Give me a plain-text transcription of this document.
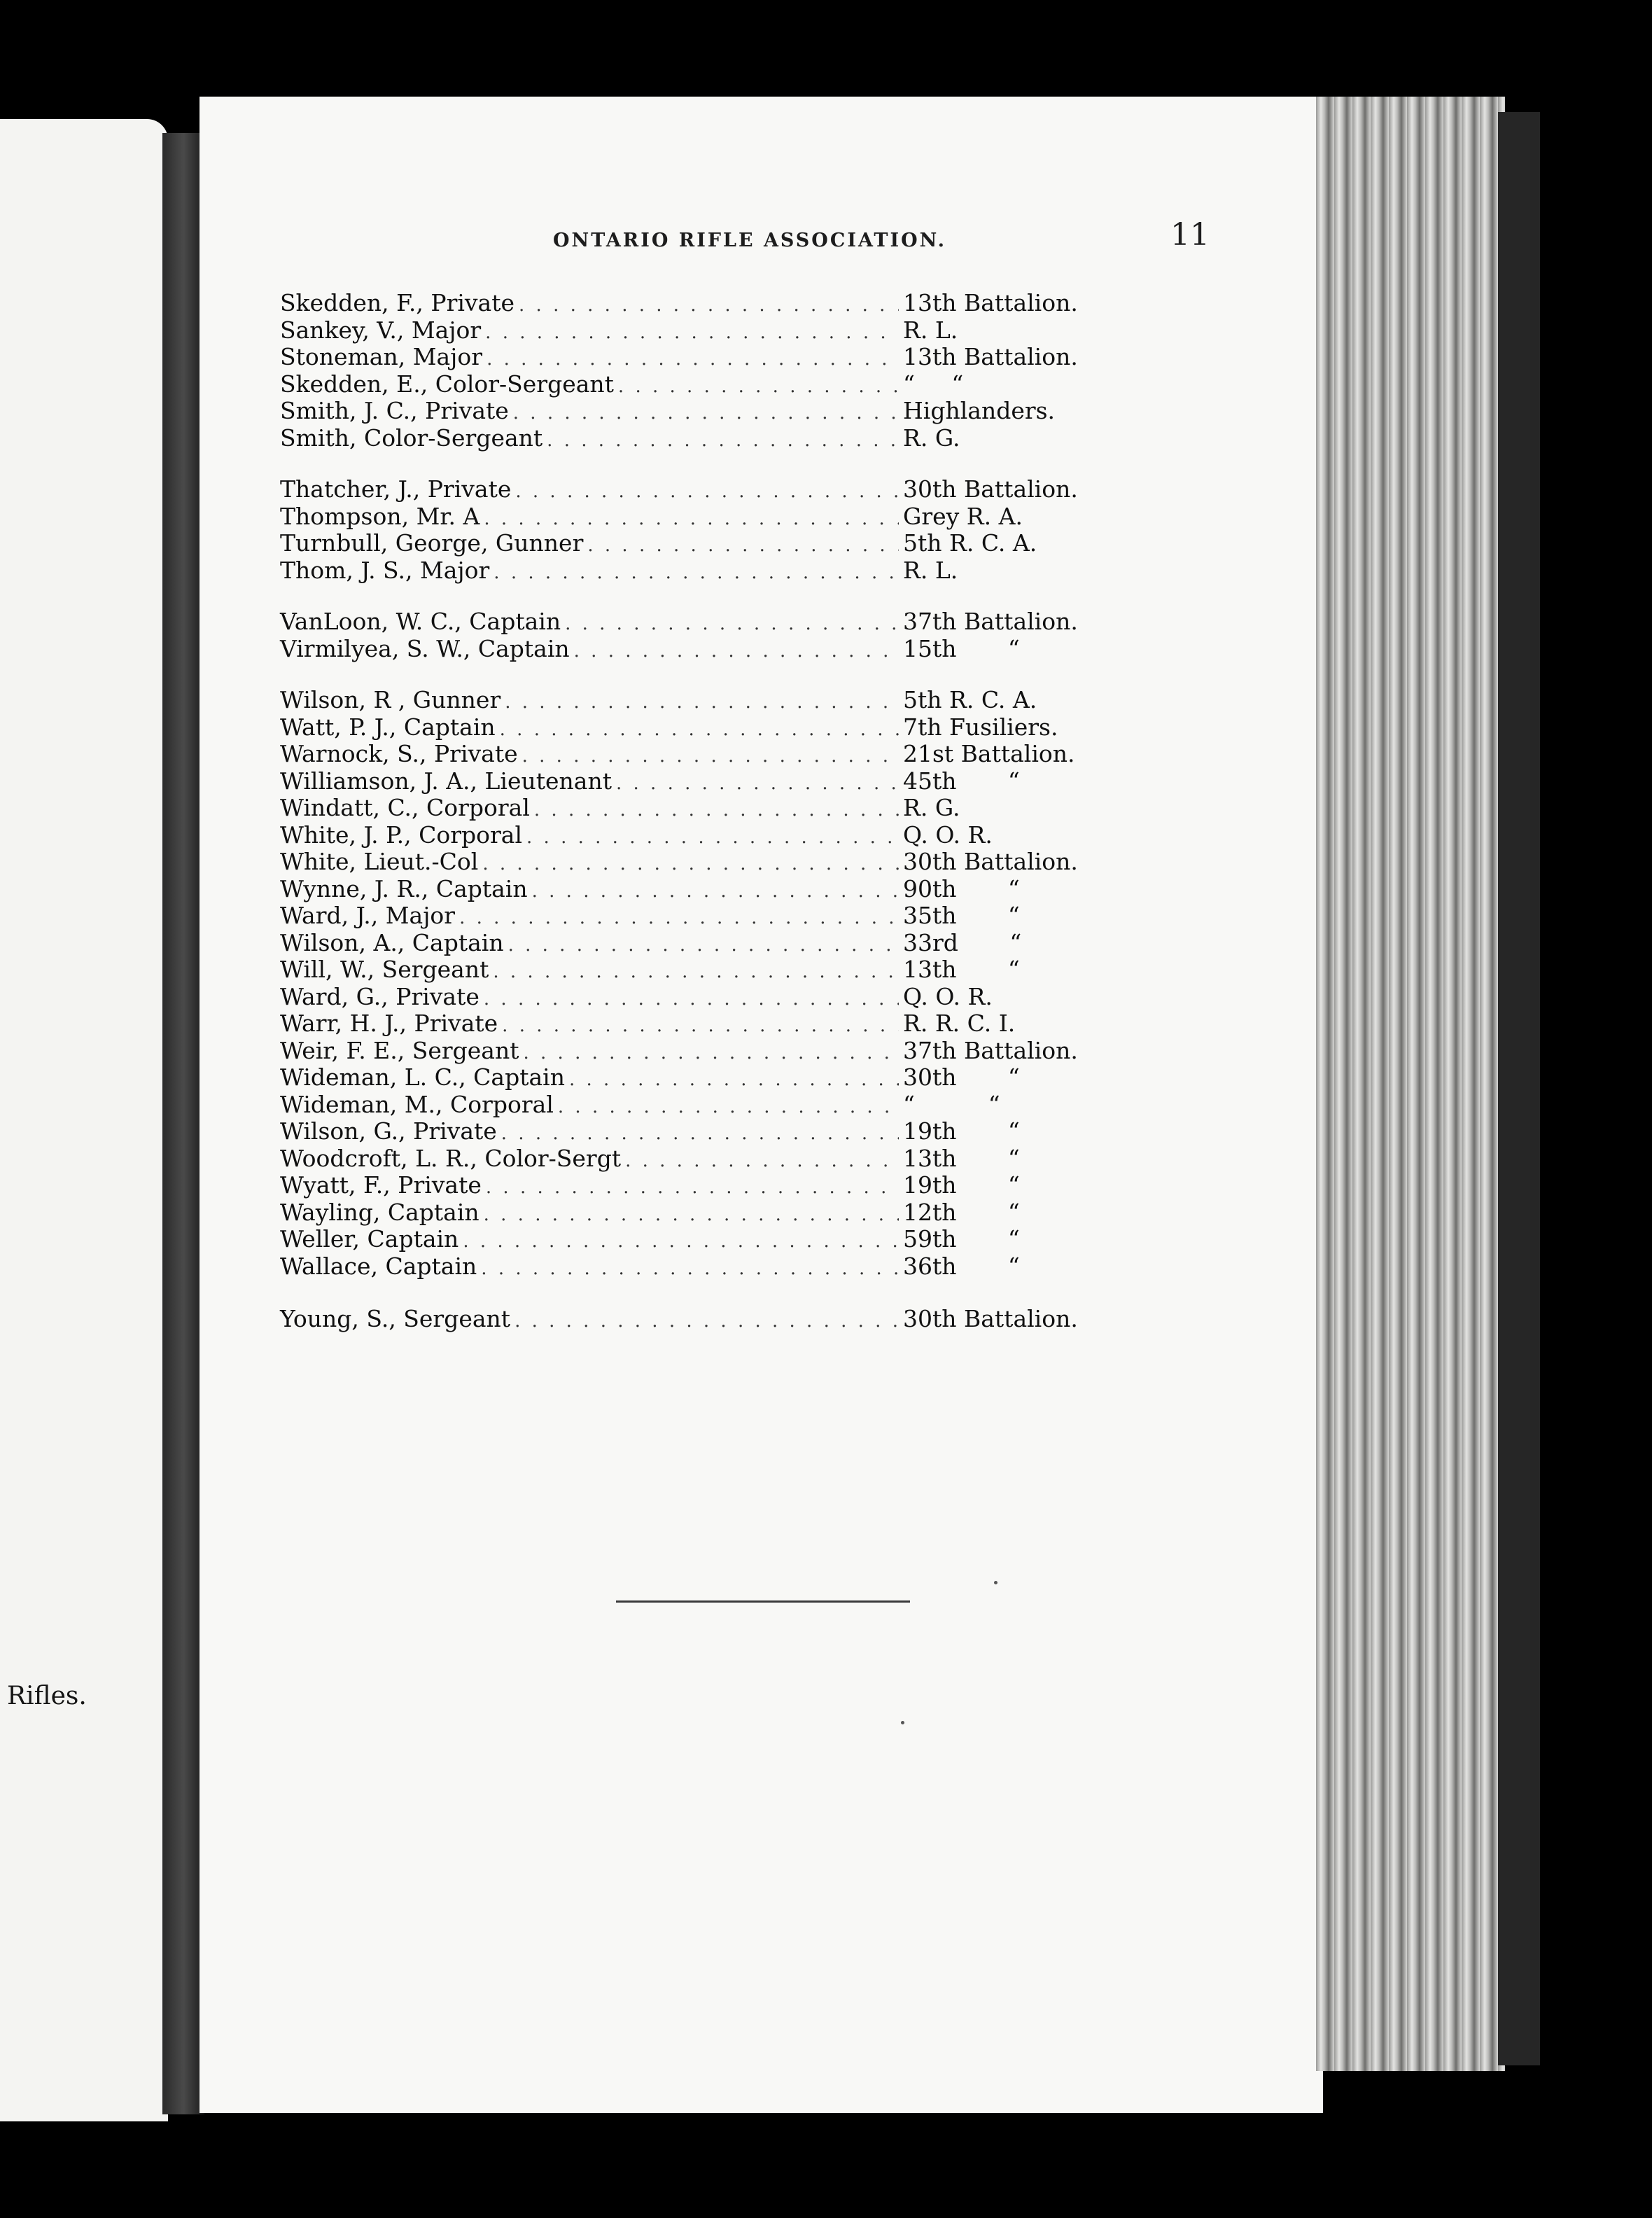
Rifles.
ONTARIO RIFLE ASSOCIATION.	11
Skedden, F., Private . . .	13th Battalion.
Sankey, V., Major . . .	R. L.
Stoneman, Major . . .	13th Battalion.
Skedden, E., Color-Sergeant . . .	“     “
Smith, J. C., Private . . .	Highlanders.
Smith, Color-Sergeant . . .	R. G.
Thatcher, J., Private . . .	30th Battalion.
Thompson, Mr. A . . .	Grey R. A.
Turnbull, George, Gunner . . .	5th R. C. A.
Thom, J. S., Major . . .	R. L.
VanLoon, W. C., Captain . . .	37th Battalion.
Virmilyea, S. W., Captain . . .	15th       “
Wilson, R , Gunner . . .	5th R. C. A.
Watt, P. J., Captain . . .	7th Fusiliers.
Warnock, S., Private . . .	21st Battalion.
Williamson, J. A., Lieutenant . . .	45th       “
Windatt, C., Corporal . . .	R. G.
White, J. P., Corporal . . .	Q. O. R.
White, Lieut.-Col . . .	30th Battalion.
Wynne, J. R., Captain . . .	90th       “
Ward, J., Major . . .	35th       “
Wilson, A., Captain . . .	33rd       “
Will, W., Sergeant . . .	13th       “
Ward, G., Private . . .	Q. O. R.
Warr, H. J., Private . . .	R. R. C. I.
Weir, F. E., Sergeant . . .	37th Battalion.
Wideman, L. C., Captain . . .	30th       “
Wideman, M., Corporal . . .	“          “
Wilson, G., Private . . .	19th       “
Woodcroft, L. R., Color-Sergt . . .	13th       “
Wyatt, F., Private . . .	19th       “
Wayling, Captain . . .	12th       “
Weller, Captain . . .	59th       “
Wallace, Captain . . .	36th       “
Young, S., Sergeant . . .	30th Battalion.
